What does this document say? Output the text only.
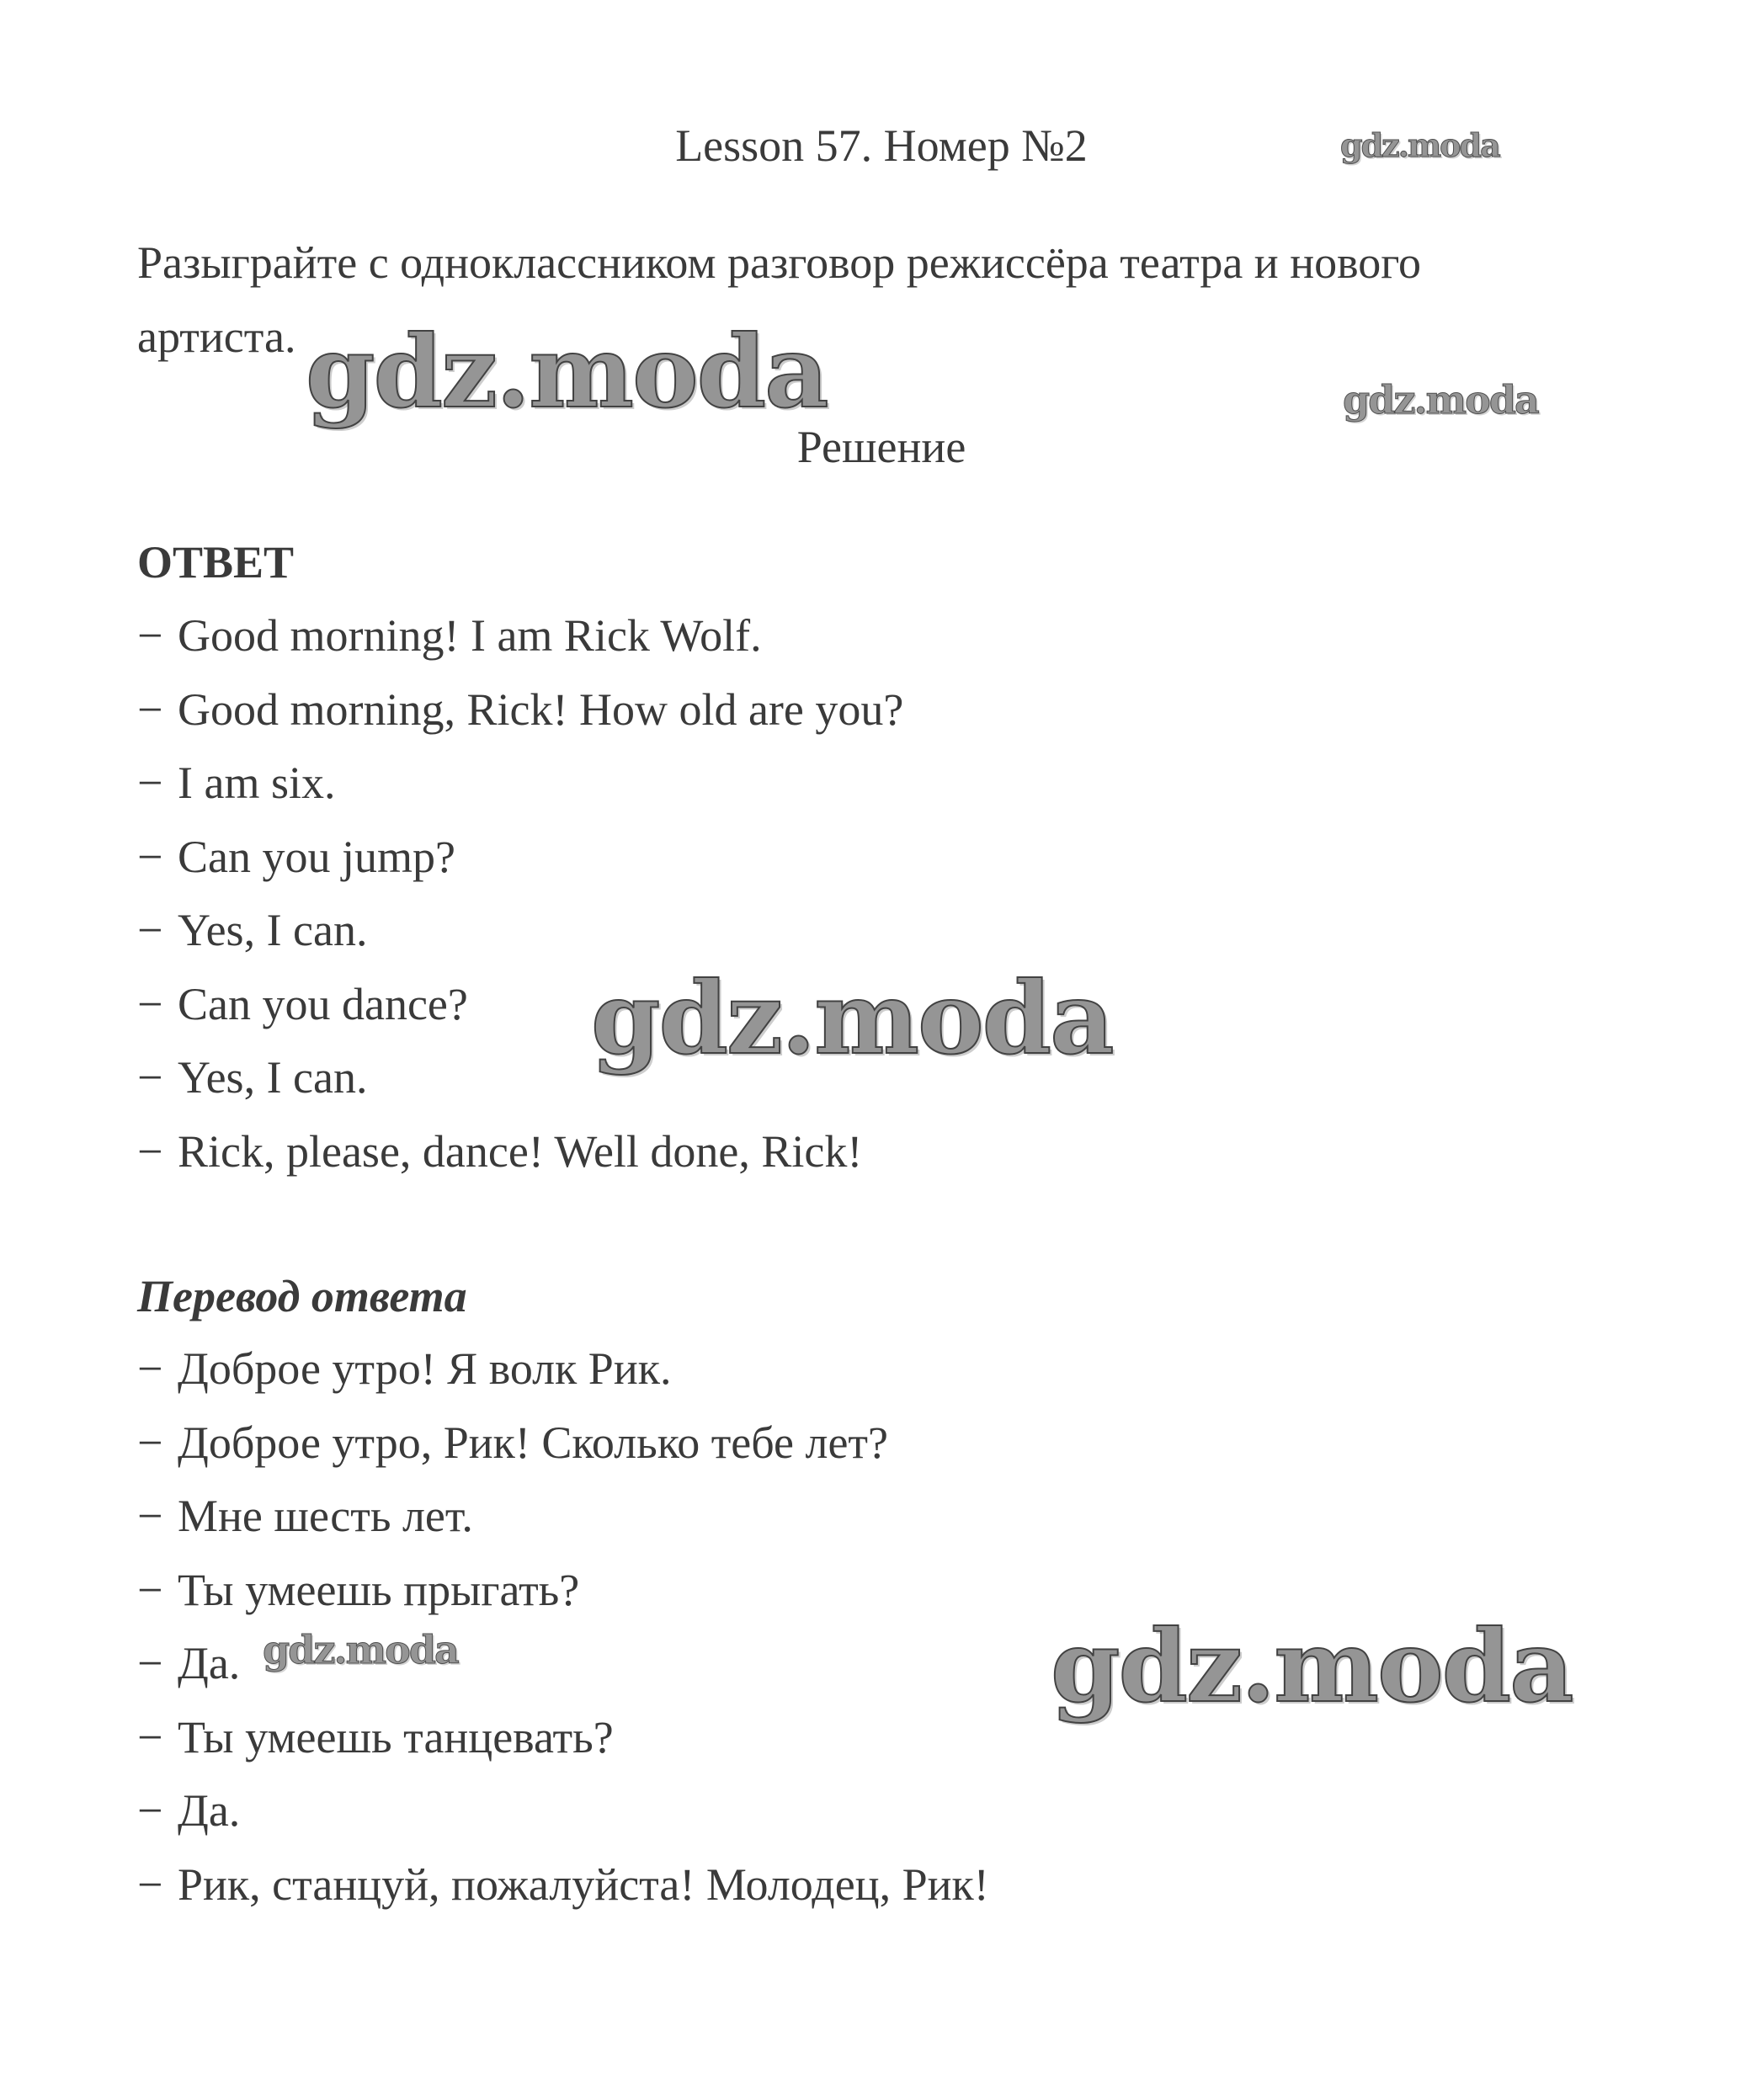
Lesson 57. Номер №2
Разыграйте с одноклассником разговор режиссёра театра и нового артиста.
Решение
ОТВЕТ
− Good morning! I am Rick Wolf.
− Good morning, Rick! How old are you?
− I am six.
− Can you jump?
− Yes, I can.
− Can you dance?
− Yes, I can.
− Rick, please, dance! Well done, Rick!
Перевод ответа
− Доброе утро! Я волк Рик.
− Доброе утро, Рик! Сколько тебе лет?
− Мне шесть лет.
− Ты умеешь прыгать?
− Да.
− Ты умеешь танцевать?
− Да.
− Рик, станцуй, пожалуйста! Молодец, Рик!
gdz.moda
gdz.moda	gdz.moda
gdz.moda
gdz.moda	gdz.moda
